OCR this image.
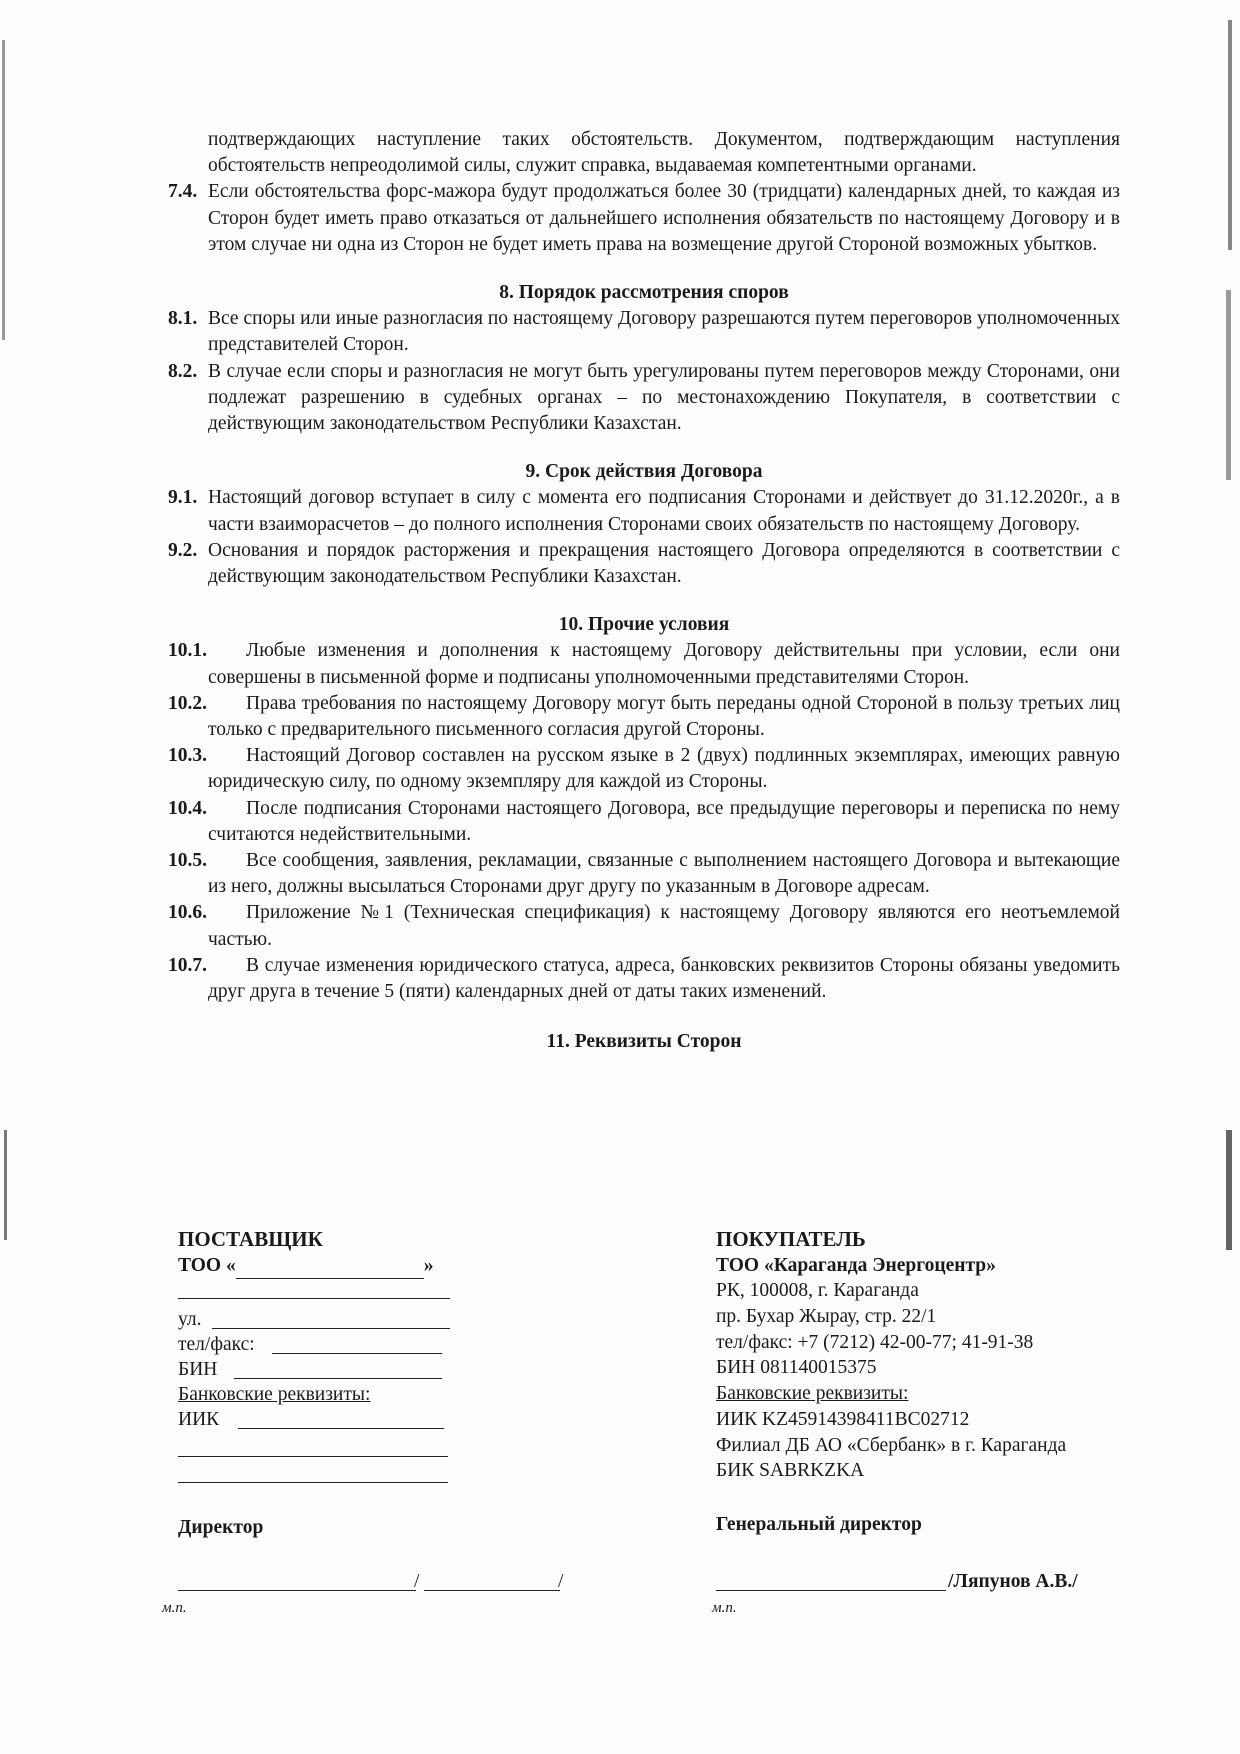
подтверждающих наступление таких обстоятельств. Документом, подтверждающим наступления обстоятельств непреодолимой силы, служит справка, выдаваемая компетентными органами.

7.4. Если обстоятельства форс-мажора будут продолжаться более 30 (тридцати) календарных дней, то каждая из Сторон будет иметь право отказаться от дальнейшего исполнения обязательств по настоящему Договору и в этом случае ни одна из Сторон не будет иметь права на возмещение другой Стороной возможных убытков.

8. Порядок рассмотрения споров

8.1. Все споры или иные разногласия по настоящему Договору разрешаются путем переговоров уполномоченных представителей Сторон.
8.2. В случае если споры и разногласия не могут быть урегулированы путем переговоров между Сторонами, они подлежат разрешению в судебных органах – по местонахождению Покупателя, в соответствии с действующим законодательством Республики Казахстан.

9. Срок действия Договора

9.1. Настоящий договор вступает в силу с момента его подписания Сторонами и действует до 31.12.2020г., а в части взаиморасчетов – до полного исполнения Сторонами своих обязательств по настоящему Договору.
9.2. Основания и порядок расторжения и прекращения настоящего Договора определяются в соответствии с действующим законодательством Республики Казахстан.

10. Прочие условия

10.1.	Любые изменения и дополнения к настоящему Договору действительны при условии, если они совершены в письменной форме и подписаны уполномоченными представителями Сторон.
10.2.	Права требования по настоящему Договору могут быть переданы одной Стороной в пользу третьих лиц только с предварительного письменного согласия другой Стороны.
10.3.	Настоящий Договор составлен на русском языке в 2 (двух) подлинных экземплярах, имеющих равную юридическую силу, по одному экземпляру для каждой из Стороны.
10.4.	После подписания Сторонами настоящего Договора, все предыдущие переговоры и переписка по нему считаются недействительными.
10.5.	Все сообщения, заявления, рекламации, связанные с выполнением настоящего Договора и вытекающие из него, должны высылаться Сторонами друг другу по указанным в Договоре адресам.
10.6.	Приложение №1 (Техническая спецификация) к настоящему Договору являются его неотъемлемой частью.
10.7.	В случае изменения юридического статуса, адреса, банковских реквизитов Стороны обязаны уведомить друг друга в течение 5 (пяти) календарных дней от даты таких изменений.

11. Реквизиты Сторон

ПОСТАВЩИК
ТОО «	»
ул.
тел/факс:
БИН
Банковские реквизиты:
ИИК
Директор
/	/
м.п.
ПОКУПАТЕЛЬ
ТОО «Караганда Энергоцентр»
РК, 100008, г. Караганда
пр. Бухар Жырау, стр. 22/1
тел/факс: +7 (7212) 42-00-77; 41-91-38
БИН 081140015375
Банковские реквизиты:
ИИК KZ45914398411BC02712
Филиал ДБ АО «Сбербанк» в г. Караганда
БИК SABRKZKA
Генеральный директор
/Ляпунов А.В./
м.п.
